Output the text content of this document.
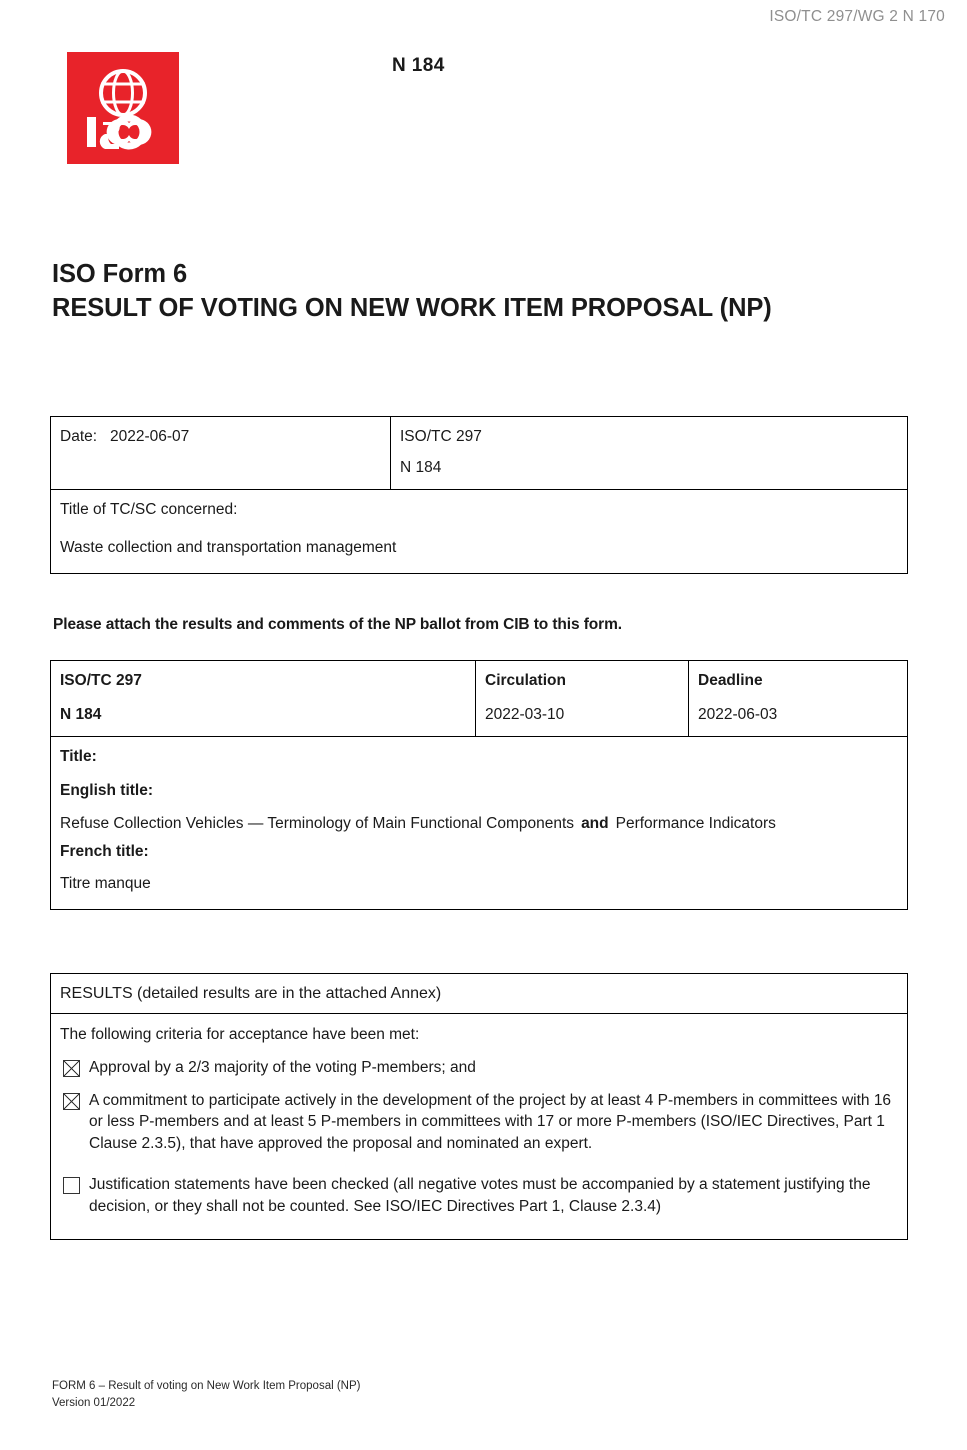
ISO/TC 297/WG 2 N 170
N 184
ISO Form 6
RESULT OF VOTING ON NEW WORK ITEM PROPOSAL (NP)
Date: 2022-06-07	ISO/TC 297
N 184
Title of TC/SC concerned:
Waste collection and transportation management
Please attach the results and comments of the NP ballot from CIB to this form.
ISO/TC 297
N 184
Circulation
2022-03-10
Deadline
2022-06-03
Title:
English title:
Refuse Collection Vehicles — Terminology of Main Functional Components and Performance Indicators
French title:
Titre manque
RESULTS (detailed results are in the attached Annex)
The following criteria for acceptance have been met:
Approval by a 2/3 majority of the voting P-members; and
A commitment to participate actively in the development of the project by at least 4 P-members in committees with 16 or less P-members and at least 5 P-members in committees with 17 or more P-members (ISO/IEC Directives, Part 1 Clause 2.3.5), that have approved the proposal and nominated an expert.
Justification statements have been checked (all negative votes must be accompanied by a statement justifying the decision, or they shall not be counted. See ISO/IEC Directives Part 1, Clause 2.3.4)
FORM 6 – Result of voting on New Work Item Proposal (NP)
Version 01/2022
